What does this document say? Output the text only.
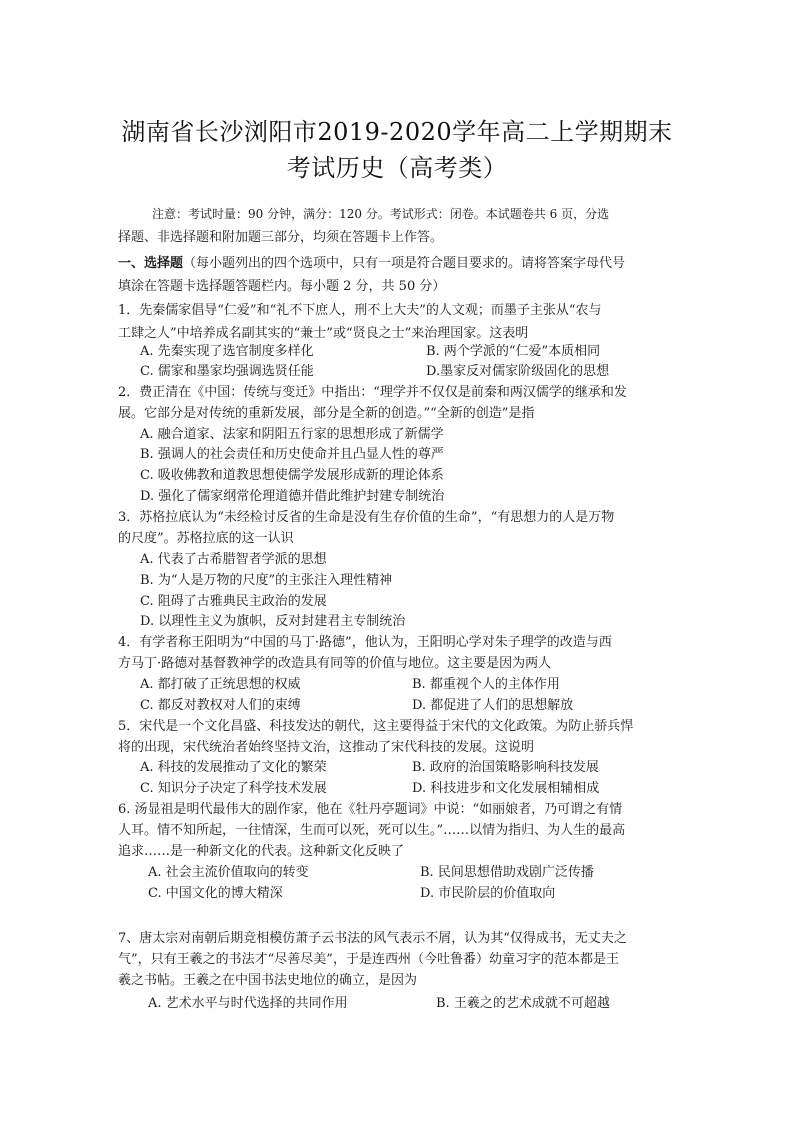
湖南省长沙浏阳市2019-2020学年高二上学期期末
考试历史（高考类）
注意：考试时量：90 分钟，满分：120 分。考试形式：闭卷。本试题卷共 6 页，分选
择题、非选择题和附加题三部分，均须在答题卡上作答。
一、选择题（每小题列出的四个选项中，只有一项是符合题目要求的。请将答案字母代号
填涂在答题卡选择题答题栏内。每小题 2 分，共 50 分）
1．先秦儒家倡导“仁爱”和“礼不下庶人，刑不上大夫”的人文观；而墨子主张从“农与
工肆之人”中培养成名副其实的“兼士”或“贤良之士”来治理国家。这表明
A. 先秦实现了选官制度多样化	B. 两个学派的“仁爱”本质相同
C. 儒家和墨家均强调选贤任能	D.墨家反对儒家阶级固化的思想
2．费正清在《中国：传统与变迁》中指出：“理学并不仅仅是前秦和两汉儒学的继承和发
展。它部分是对传统的重新发展，部分是全新的创造。”“全新的创造”是指
A. 融合道家、法家和阴阳五行家的思想形成了新儒学
B. 强调人的社会责任和历史使命并且凸显人性的尊严
C. 吸收佛教和道教思想使儒学发展形成新的理论体系
D. 强化了儒家纲常伦理道德并借此维护封建专制统治
3．苏格拉底认为“未经检讨反省的生命是没有生存价值的生命”，“有思想力的人是万物
的尺度”。苏格拉底的这一认识
A. 代表了古希腊智者学派的思想
B. 为“人是万物的尺度”的主张注入理性精神
C. 阻碍了古雅典民主政治的发展
D. 以理性主义为旗帜，反对封建君主专制统治
4．有学者称王阳明为“中国的马丁·路德”，他认为，王阳明心学对朱子理学的改造与西
方马丁·路德对基督教神学的改造具有同等的价值与地位。这主要是因为两人
A. 都打破了正统思想的权威	B. 都重视个人的主体作用
C. 都反对教权对人们的束缚	D. 都促进了人们的思想解放
5．宋代是一个文化昌盛、科技发达的朝代，这主要得益于宋代的文化政策。为防止骄兵悍
将的出现，宋代统治者始终坚持文治，这推动了宋代科技的发展。这说明
A. 科技的发展推动了文化的繁荣	B. 政府的治国策略影响科技发展
C. 知识分子决定了科学技术发展	D. 科技进步和文化发展相辅相成
6. 汤显祖是明代最伟大的剧作家，他在《牡丹亭题词》中说：“如丽娘者，乃可谓之有情
人耳。情不知所起，一往情深，生而可以死，死可以生。”……以情为指归、为人生的最高
追求……是一种新文化的代表。这种新文化反映了
A. 社会主流价值取向的转变	B. 民间思想借助戏剧广泛传播
C. 中国文化的博大精深	D. 市民阶层的价值取向
7、唐太宗对南朝后期竞相模仿萧子云书法的风气表示不屑，认为其“仅得成书，无丈夫之
气”，只有王羲之的书法才“尽善尽美”，于是连西州（今吐鲁番）幼童习字的范本都是王
羲之书帖。王羲之在中国书法史地位的确立，是因为
A. 艺术水平与时代选择的共同作用	B. 王羲之的艺术成就不可超越
